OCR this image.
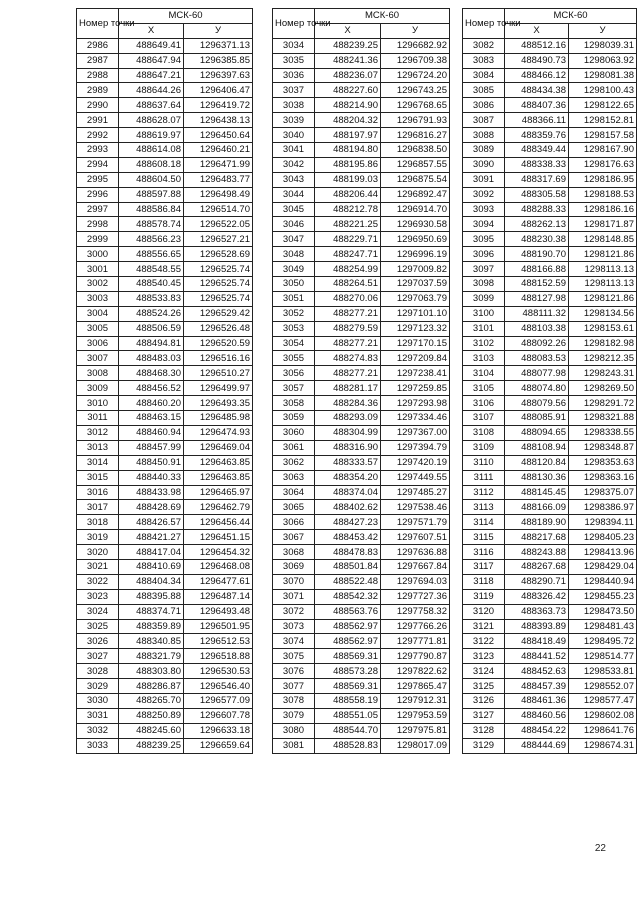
Номер точки	МСК-60	
	X	У
2986	488649.41	1296371.13
2987	488647.94	1296385.85
2988	488647.21	1296397.63
2989	488644.26	1296406.47
2990	488637.64	1296419.72
2991	488628.07	1296438.13
2992	488619.97	1296450.64
2993	488614.08	1296460.21
2994	488608.18	1296471.99
2995	488604.50	1296483.77
2996	488597.88	1296498.49
2997	488586.84	1296514.70
2998	488578.74	1296522.05
2999	488566.23	1296527.21
3000	488556.65	1296528.69
3001	488548.55	1296525.74
3002	488540.45	1296525.74
3003	488533.83	1296525.74
3004	488524.26	1296529.42
3005	488506.59	1296526.48
3006	488494.81	1296520.59
3007	488483.03	1296516.16
3008	488468.30	1296510.27
3009	488456.52	1296499.97
3010	488460.20	1296493.35
3011	488463.15	1296485.98
3012	488460.94	1296474.93
3013	488457.99	1296469.04
3014	488450.91	1296463.85
3015	488440.33	1296463.85
3016	488433.98	1296465.97
3017	488428.69	1296462.79
3018	488426.57	1296456.44
3019	488421.27	1296451.15
3020	488417.04	1296454.32
3021	488410.69	1296468.08
3022	488404.34	1296477.61
3023	488395.88	1296487.14
3024	488374.71	1296493.48
3025	488359.89	1296501.95
3026	488340.85	1296512.53
3027	488321.79	1296518.88
3028	488303.80	1296530.53
3029	488286.87	1296546.40
3030	488265.70	1296577.09
3031	488250.89	1296607.78
3032	488245.60	1296633.18
3033	488239.25	1296659.64
Номер точки	МСК-60	
	X	У
3034	488239.25	1296682.92
3035	488241.36	1296709.38
3036	488236.07	1296724.20
3037	488227.60	1296743.25
3038	488214.90	1296768.65
3039	488204.32	1296791.93
3040	488197.97	1296816.27
3041	488194.80	1296838.50
3042	488195.86	1296857.55
3043	488199.03	1296875.54
3044	488206.44	1296892.47
3045	488212.78	1296914.70
3046	488221.25	1296930.58
3047	488229.71	1296950.69
3048	488247.71	1296996.19
3049	488254.99	1297009.82
3050	488264.51	1297037.59
3051	488270.06	1297063.79
3052	488277.21	1297101.10
3053	488279.59	1297123.32
3054	488277.21	1297170.15
3055	488274.83	1297209.84
3056	488277.21	1297238.41
3057	488281.17	1297259.85
3058	488284.36	1297293.98
3059	488293.09	1297334.46
3060	488304.99	1297367.00
3061	488316.90	1297394.79
3062	488333.57	1297420.19
3063	488354.20	1297449.55
3064	488374.04	1297485.27
3065	488402.62	1297538.46
3066	488427.23	1297571.79
3067	488453.42	1297607.51
3068	488478.83	1297636.88
3069	488501.84	1297667.84
3070	488522.48	1297694.03
3071	488542.32	1297727.36
3072	488563.76	1297758.32
3073	488562.97	1297766.26
3074	488562.97	1297771.81
3075	488569.31	1297790.87
3076	488573.28	1297822.62
3077	488569.31	1297865.47
3078	488558.19	1297912.31
3079	488551.05	1297953.59
3080	488544.70	1297975.81
3081	488528.83	1298017.09
Номер точки	МСК-60	
	X	У
3082	488512.16	1298039.31
3083	488490.73	1298063.92
3084	488466.12	1298081.38
3085	488434.38	1298100.43
3086	488407.36	1298122.65
3087	488366.11	1298152.81
3088	488359.76	1298157.58
3089	488349.44	1298167.90
3090	488338.33	1298176.63
3091	488317.69	1298186.95
3092	488305.58	1298188.53
3093	488288.33	1298186.16
3094	488262.13	1298171.87
3095	488230.38	1298148.85
3096	488190.70	1298121.86
3097	488166.88	1298113.13
3098	488152.59	1298113.13
3099	488127.98	1298121.86
3100	488111.32	1298134.56
3101	488103.38	1298153.61
3102	488092.26	1298182.98
3103	488083.53	1298212.35
3104	488077.98	1298243.31
3105	488074.80	1298269.50
3106	488079.56	1298291.72
3107	488085.91	1298321.88
3108	488094.65	1298338.55
3109	488108.94	1298348.87
3110	488120.84	1298353.63
3111	488130.36	1298363.16
3112	488145.45	1298375.07
3113	488166.09	1298386.97
3114	488189.90	1298394.11
3115	488217.68	1298405.23
3116	488243.88	1298413.96
3117	488267.68	1298429.04
3118	488290.71	1298440.94
3119	488326.42	1298455.23
3120	488363.73	1298473.50
3121	488393.89	1298481.43
3122	488418.49	1298495.72
3123	488441.52	1298514.77
3124	488452.63	1298533.81
3125	488457.39	1298552.07
3126	488461.36	1298577.47
3127	488460.56	1298602.08
3128	488454.22	1298641.76
3129	488444.69	1298674.31
22
